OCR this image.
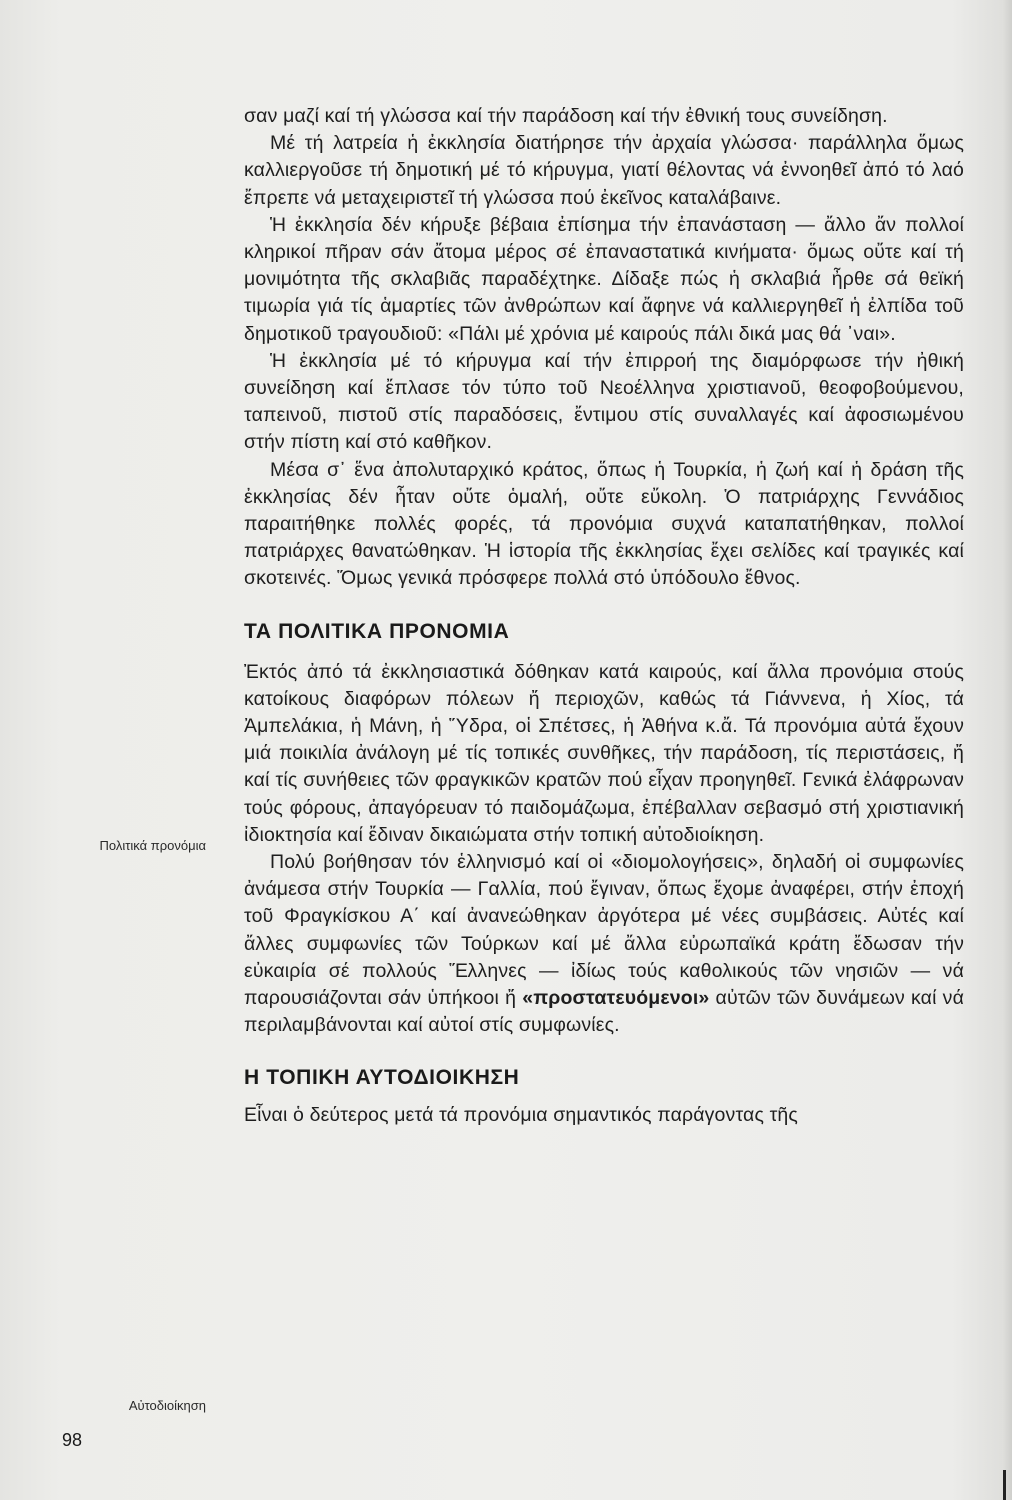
σαν μαζί καί τή γλώσσα καί τήν παράδοση καί τήν ἐθνική τους συνείδηση.

Μέ τή λατρεία ἡ ἐκκλησία διατήρησε τήν ἀρχαία γλώσσα· παράλληλα ὅμως καλλιεργοῦσε τή δημοτική μέ τό κήρυγμα, γιατί θέλοντας νά ἐννοηθεῖ ἀπό τό λαό ἔπρεπε νά μεταχειριστεῖ τή γλώσσα πού ἐκεῖνος καταλάβαινε.

Ἡ ἐκκλησία δέν κήρυξε βέβαια ἐπίσημα τήν ἐπανάσταση — ἄλλο ἄν πολλοί κληρικοί πῆραν σάν ἄτομα μέρος σέ ἐπαναστατικά κινήματα· ὅμως οὔτε καί τή μονιμότητα τῆς σκλαβιᾶς παραδέχτηκε. Δίδαξε πώς ἡ σκλαβιά ἦρθε σά θεϊκή τιμωρία γιά τίς ἁμαρτίες τῶν ἀνθρώπων καί ἄφηνε νά καλλιεργηθεῖ ἡ ἐλπίδα τοῦ δημοτικοῦ τραγουδιοῦ: «Πάλι μέ χρόνια μέ καιρούς πάλι δικά μας θά ᾽ναι».

Ἡ ἐκκλησία μέ τό κήρυγμα καί τήν ἐπιρροή της διαμόρφωσε τήν ἠθική συνείδηση καί ἔπλασε τόν τύπο τοῦ Νεοέλληνα χριστιανοῦ, θεοφοβούμενου, ταπεινοῦ, πιστοῦ στίς παραδόσεις, ἔντιμου στίς συναλλαγές καί ἀφοσιωμένου στήν πίστη καί στό καθῆκον.

Μέσα σ᾽ ἕνα ἀπολυταρχικό κράτος, ὅπως ἡ Τουρκία, ἡ ζωή καί ἡ δράση τῆς ἐκκλησίας δέν ἦταν οὔτε ὁμαλή, οὔτε εὔκολη. Ὁ πατριάρχης Γεννάδιος παραιτήθηκε πολλές φορές, τά προνόμια συχνά καταπατήθηκαν, πολλοί πατριάρχες θανατώθηκαν. Ἡ ἱστορία τῆς ἐκκλησίας ἔχει σελίδες καί τραγικές καί σκοτεινές. Ὅμως γενικά πρόσφερε πολλά στό ὑπόδουλο ἔθνος.

ΤΑ ΠΟΛΙΤΙΚΑ ΠΡΟΝΟΜΙΑ

Ἐκτός ἀπό τά ἐκκλησιαστικά δόθηκαν κατά καιρούς, καί ἄλλα προνόμια στούς κατοίκους διαφόρων πόλεων ἤ περιοχῶν, καθώς τά Γιάννενα, ἡ Χίος, τά Ἀμπελάκια, ἡ Μάνη, ἡ Ὕδρα, οἱ Σπέτσες, ἡ Ἀθήνα κ.ἄ. Τά προνόμια αὐτά ἔχουν μιά ποικιλία ἀνάλογη μέ τίς τοπικές συνθῆκες, τήν παράδοση, τίς περιστάσεις, ἤ καί τίς συνήθειες τῶν φραγκικῶν κρατῶν πού εἶχαν προηγηθεῖ. Γενικά ἐλάφρωναν τούς φόρους, ἀπαγόρευαν τό παιδομάζωμα, ἐπέβαλλαν σεβασμό στή χριστιανική ἰδιοκτησία καί ἔδιναν δικαιώματα στήν τοπική αὐτοδιοίκηση.

Πολύ βοήθησαν τόν ἑλληνισμό καί οἱ «διομολογήσεις», δηλαδή οἱ συμφωνίες ἀνάμεσα στήν Τουρκία — Γαλλία, πού ἔγιναν, ὅπως ἔχομε ἀναφέρει, στήν ἐποχή τοῦ Φραγκίσκου Α΄ καί ἀνανεώθηκαν ἀργότερα μέ νέες συμβάσεις. Αὐτές καί ἄλλες συμφωνίες τῶν Τούρκων καί μέ ἄλλα εὐρωπαϊκά κράτη ἔδωσαν τήν εὐκαιρία σέ πολλούς Ἕλληνες — ἰδίως τούς καθολικούς τῶν νησιῶν — νά παρουσιάζονται σάν ὑπήκοοι ἤ «προστατευόμενοι» αὐτῶν τῶν δυνάμεων καί νά περιλαμβάνονται καί αὐτοί στίς συμφωνίες.

Η ΤΟΠΙΚΗ ΑΥΤΟΔΙΟΙΚΗΣΗ

Εἶναι ὁ δεύτερος μετά τά προνόμια σημαντικός παράγοντας τῆς

Πολιτικά προνόμια
Αὐτοδιοίκηση
98
